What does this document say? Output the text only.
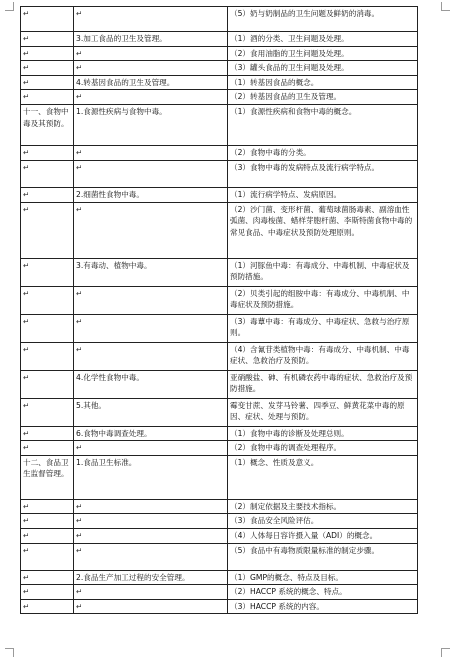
↵	↵	（5）奶与奶制品的卫生问题及鲜奶的消毒。
↵	3.加工食品的卫生及管理。	（1）酒的分类、卫生问题及处理。
↵	↵	（2）食用油脂的卫生问题及处理。
↵	↵	（3）罐头食品的卫生问题及处理。
↵	4.转基因食品的卫生及管理。	（1）转基因食品的概念。
↵	↵	（2）转基因食品的卫生及管理。
十一、食物中毒及其预防。	1.食源性疾病与食物中毒。	（1）食源性疾病和食物中毒的概念。
↵	↵	（2）食物中毒的分类。
↵	↵	（3）食物中毒的发病特点及流行病学特点。
↵	2.细菌性食物中毒。	（1）流行病学特点、发病原因。
↵	↵	（2）沙门菌、变形杆菌、葡萄球菌肠毒素、副溶血性弧菌、肉毒梭菌、蜡样芽胞杆菌、李斯特菌食物中毒的常见食品、中毒症状及预防处理原则。
↵	3.有毒动、植物中毒。	（1）河豚鱼中毒：有毒成分、中毒机制、中毒症状及预防措施。
↵	↵	（2）贝类引起的组胺中毒：有毒成分、中毒机制、中毒症状及预防措施。
↵	↵	（3）毒蕈中毒：有毒成分、中毒症状、急救与治疗原则。
↵	↵	（4）含氰苷类植物中毒：有毒成分、中毒机制、中毒症状、急救治疗及预防。
↵	4.化学性食物中毒。	亚硝酸盐、砷、有机磷农药中毒的症状、急救治疗及预防措施。
↵	5.其他。	霉变甘蔗、发芽马铃薯、四季豆、鲜黄花菜中毒的原因、症状、处理与预防。
↵	6.食物中毒调查处理。	（1）食物中毒的诊断及处理总则。
↵	↵	（2）食物中毒的调查处理程序。
十二、食品卫生监督管理。	1.食品卫生标准。	（1）概念、性质及意义。
↵	↵	（2）制定依据及主要技术指标。
↵	↵	（3）食品安全风险评估。
↵	↵	（4）人体每日容许摄入量（ADI）的概念。
↵	↵	（5）食品中有毒物质限量标准的制定步骤。
↵	2.食品生产加工过程的安全管理。	（1）GMP的概念、特点及目标。
↵	↵	（2）HACCP 系统的概念、特点。
↵	↵	（3）HACCP 系统的内容。
